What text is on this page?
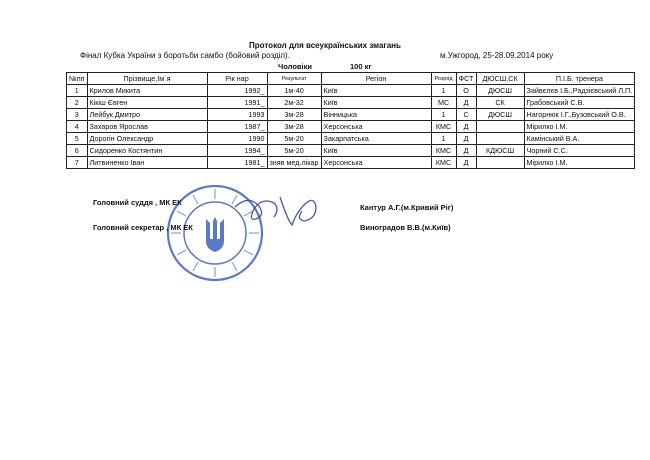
Протокол для всеукраїнських змагань
Фінал Кубка України з боротьби самбо (бойовий розділ).	м.Ужгород, 25-28.09.2014 року
Чоловіки	100 кг
№пп	Прізвище,Ім`я	Рік нар	Результат	Регіон	Розряд	ФСТ	ДЮСШ,СК	П.І.Б. тренера
1	Крилов Микита	1992_	1м-40	Київ	1	О	ДЮСШ	Зайвєлєв І.Б.,Радзієвський Л.П.
2	Кікіш Євген	1991_	2м-32	Київ	МС	Д	СК	Грабовський С.В.
3	Лейбук Дмитро	1993	3м-28	Вінницька	1	С	ДЮСШ	Нагорнюк І.Г.,Бузовський О.В.
4	Захаров Ярослав	1987_	3м-28	Херсонська	КМС	Д		Мірилко І.М.
5	Дорогін Олександр	1990	5м-20	Закарпатська	1	Д		Камінський В.А.
6	Сидоренко Костянтин	1994_	5м-20	Київ	КМС	Д	КДЮСШ	Чорний С.С.
7	Литвиненко Іван	1981_	зняв мед.лікар	Херсонська	КМС	Д		Мірилко І.М.
Головний суддя , МК ЕК
Головний секретар , МК ЕК
Кантур А.Г.(м.Кривий Ріг)
Виноградов В.В.(м.Київ)
